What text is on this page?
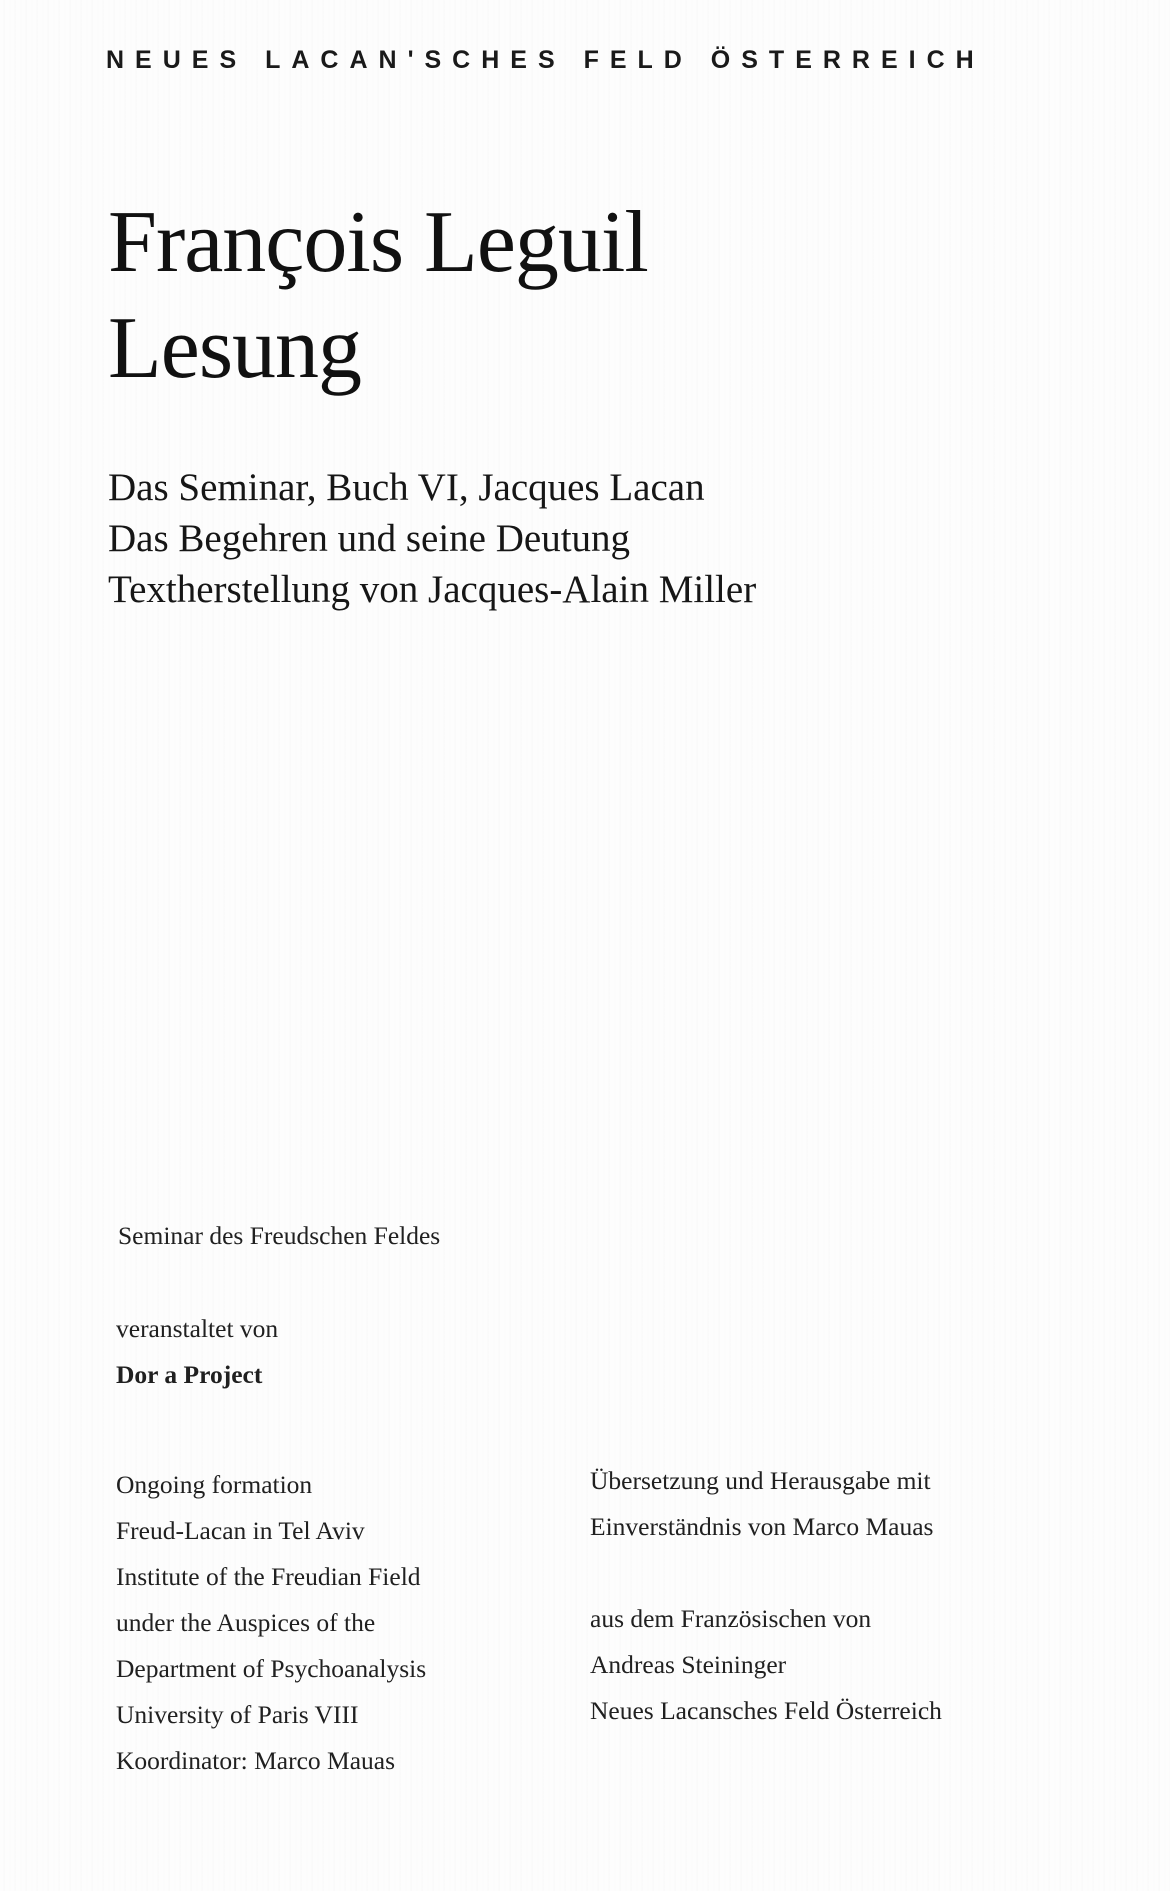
NEUES LACAN'SCHES FELD ÖSTERREICH
François Leguil
Lesung
Das Seminar, Buch VI, Jacques Lacan
Das Begehren und seine Deutung
Textherstellung von Jacques-Alain Miller
Seminar des Freudschen Feldes
veranstaltet von
Dor a Project
Ongoing formation
Freud-Lacan in Tel Aviv
Institute of the Freudian Field
under the Auspices of the
Department of Psychoanalysis
University of Paris VIII
Koordinator: Marco Mauas
Übersetzung und Herausgabe mit
Einverständnis von Marco Mauas
aus dem Französischen von
Andreas Steininger
Neues Lacansches Feld Österreich
